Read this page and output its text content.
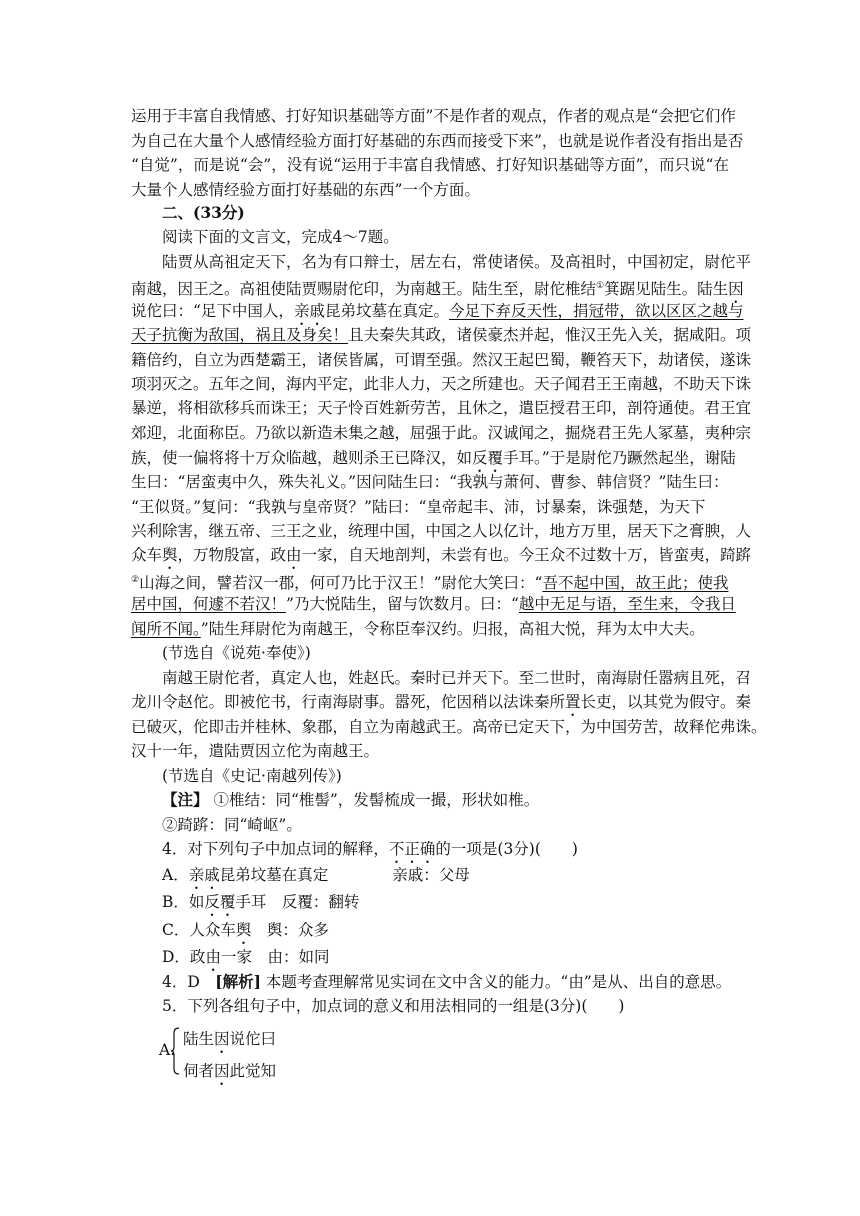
运用于丰富自我情感、打好知识基础等方面”不是作者的观点，作者的观点是“会把它们作
为自己在大量个人感情经验方面打好基础的东西而接受下来”，也就是说作者没有指出是否
“自觉”，而是说“会”，没有说“运用于丰富自我情感、打好知识基础等方面”，而只说“在
大量个人感情经验方面打好基础的东西”一个方面。
二、(33分)
阅读下面的文言文，完成4～7题。
陆贾从高祖定天下，名为有口辩士，居左右，常使诸侯。及高祖时，中国初定，尉佗平
南越，因王之。高祖使陆贾赐尉佗印，为南越王。陆生至，尉佗椎结①箕踞见陆生。陆生因
说佗曰：“足下中国人，亲戚昆弟坟墓在真定。今足下弃反天性，捐冠带，欲以区区之越与
天子抗衡为敌国，祸且及身矣！且夫秦失其政，诸侯豪杰并起，惟汉王先入关，据咸阳。项
籍倍约，自立为西楚霸王，诸侯皆属，可谓至强。然汉王起巴蜀，鞭笞天下，劫诸侯，遂诛
项羽灭之。五年之间，海内平定，此非人力，天之所建也。天子闻君王王南越，不助天下诛
暴逆，将相欲移兵而诛王；天子怜百姓新劳苦，且休之，遣臣授君王印，剖符通使。君王宜
郊迎，北面称臣。乃欲以新造未集之越，屈强于此。汉诚闻之，掘烧君王先人冢墓，夷种宗
族，使一偏将将十万众临越，越则杀王已降汉，如反覆手耳。”于是尉佗乃蹶然起坐，谢陆
生曰：“居蛮夷中久，殊失礼义。”因问陆生曰：“我孰与萧何、曹参、韩信贤？”陆生曰：
“王似贤。”复问：“我孰与皇帝贤？”陆曰：“皇帝起丰、沛，讨暴秦，诛强楚，为天下
兴利除害，继五帝、三王之业，统理中国，中国之人以亿计，地方万里，居天下之膏腴，人
众车舆，万物殷富，政由一家，自天地剖判，未尝有也。今王众不过数十万，皆蛮夷，踦䟸
②山海之间，譬若汉一郡，何可乃比于汉王！”尉佗大笑曰：“吾不起中国，故王此；使我
居中国，何遽不若汉！”乃大悦陆生，留与饮数月。曰：“越中无足与语，至生来，令我日
闻所不闻。”陆生拜尉佗为南越王，令称臣奉汉约。归报，高祖大悦，拜为太中大夫。
(节选自《说苑·奉使》)
南越王尉佗者，真定人也，姓赵氏。秦时已并天下。至二世时，南海尉任嚣病且死，召
龙川令赵佗。即被佗书，行南海尉事。嚣死，佗因稍以法诛秦所置长吏，以其党为假守。秦
已破灭，佗即击并桂林、象郡，自立为南越武王。高帝已定天下，为中国劳苦，故释佗弗诛。
汉十一年，遣陆贾因立佗为南越王。
(节选自《史记·南越列传》)
【注】 ①椎结：同“椎髻”，发髻梳成一撮，形状如椎。
②踦䟸：同“崎岖”。
4．对下列句子中加点词的解释，不正确的一项是(3分)(　　)
A．亲戚昆弟坟墓在真定	亲戚：父母
B．如反覆手耳　反覆：翻转
C．人众车舆　舆：众多
D．政由一家　由：如同
4．D　[解析] 本题考查理解常见实词在文中含义的能力。“由”是从、出自的意思。
5．下列各组句子中，加点词的意义和用法相同的一组是(3分)(　　)
A.
陆生因说佗曰
伺者因此觉知
